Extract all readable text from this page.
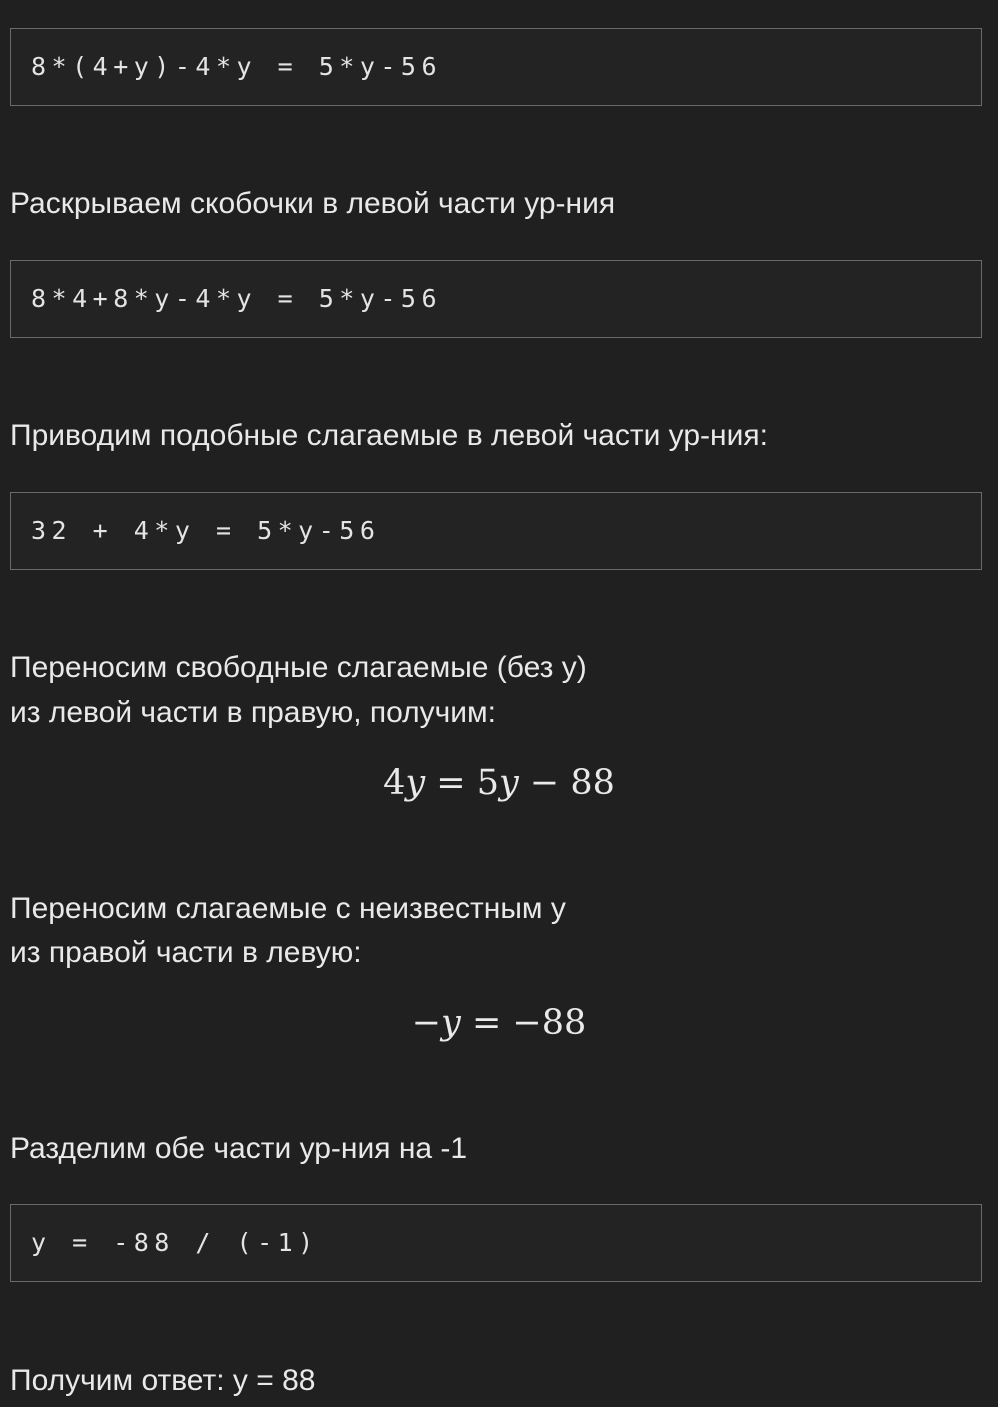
8*(4+y)-4*y = 5*y-56
Раскрываем скобочки в левой части ур-ния
8*4+8*y-4*y = 5*y-56
Приводим подобные слагаемые в левой части ур-ния:
32 + 4*y = 5*y-56
Переносим свободные слагаемые (без y)
из левой части в правую, получим:
4y = 5y − 88
Переносим слагаемые с неизвестным y
из правой части в левую:
−y = −88
Разделим обе части ур-ния на -1
y = -88 / (-1)
Получим ответ: y = 88
